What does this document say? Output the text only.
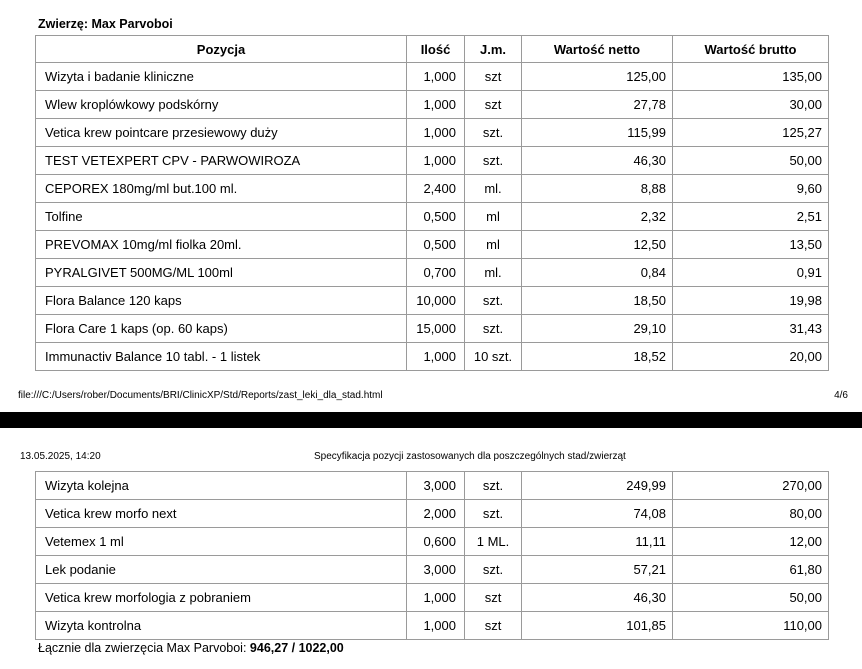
Zwierzę: Max Parvoboi
Pozycja	Ilość	J.m.	Wartość netto	Wartość brutto
Wizyta i badanie kliniczne	1,000	szt	125,00	135,00
Wlew kroplówkowy podskórny	1,000	szt	27,78	30,00
Vetica krew pointcare przesiewowy duży	1,000	szt.	115,99	125,27
TEST VETEXPERT CPV - PARWOWIROZA	1,000	szt.	46,30	50,00
CEPOREX 180mg/ml but.100 ml.	2,400	ml.	8,88	9,60
Tolfine	0,500	ml	2,32	2,51
PREVOMAX 10mg/ml fiolka 20ml.	0,500	ml	12,50	13,50
PYRALGIVET 500MG/ML 100ml	0,700	ml.	0,84	0,91
Flora Balance 120 kaps	10,000	szt.	18,50	19,98
Flora Care 1 kaps (op. 60 kaps)	15,000	szt.	29,10	31,43
Immunactiv Balance 10 tabl. - 1 listek	1,000	10 szt.	18,52	20,00
file:///C:/Users/rober/Documents/BRI/ClinicXP/Std/Reports/zast_leki_dla_stad.html	4/6
13.05.2025, 14:20	Specyfikacja pozycji zastosowanych dla poszczególnych stad/zwierząt
Wizyta kolejna	3,000	szt.	249,99	270,00
Vetica krew morfo next	2,000	szt.	74,08	80,00
Vetemex 1 ml	0,600	1 ML.	11,11	12,00
Lek podanie	3,000	szt.	57,21	61,80
Vetica krew morfologia z pobraniem	1,000	szt	46,30	50,00
Wizyta kontrolna	1,000	szt	101,85	110,00
Łącznie dla zwierzęcia Max Parvoboi: 946,27 / 1022,00
